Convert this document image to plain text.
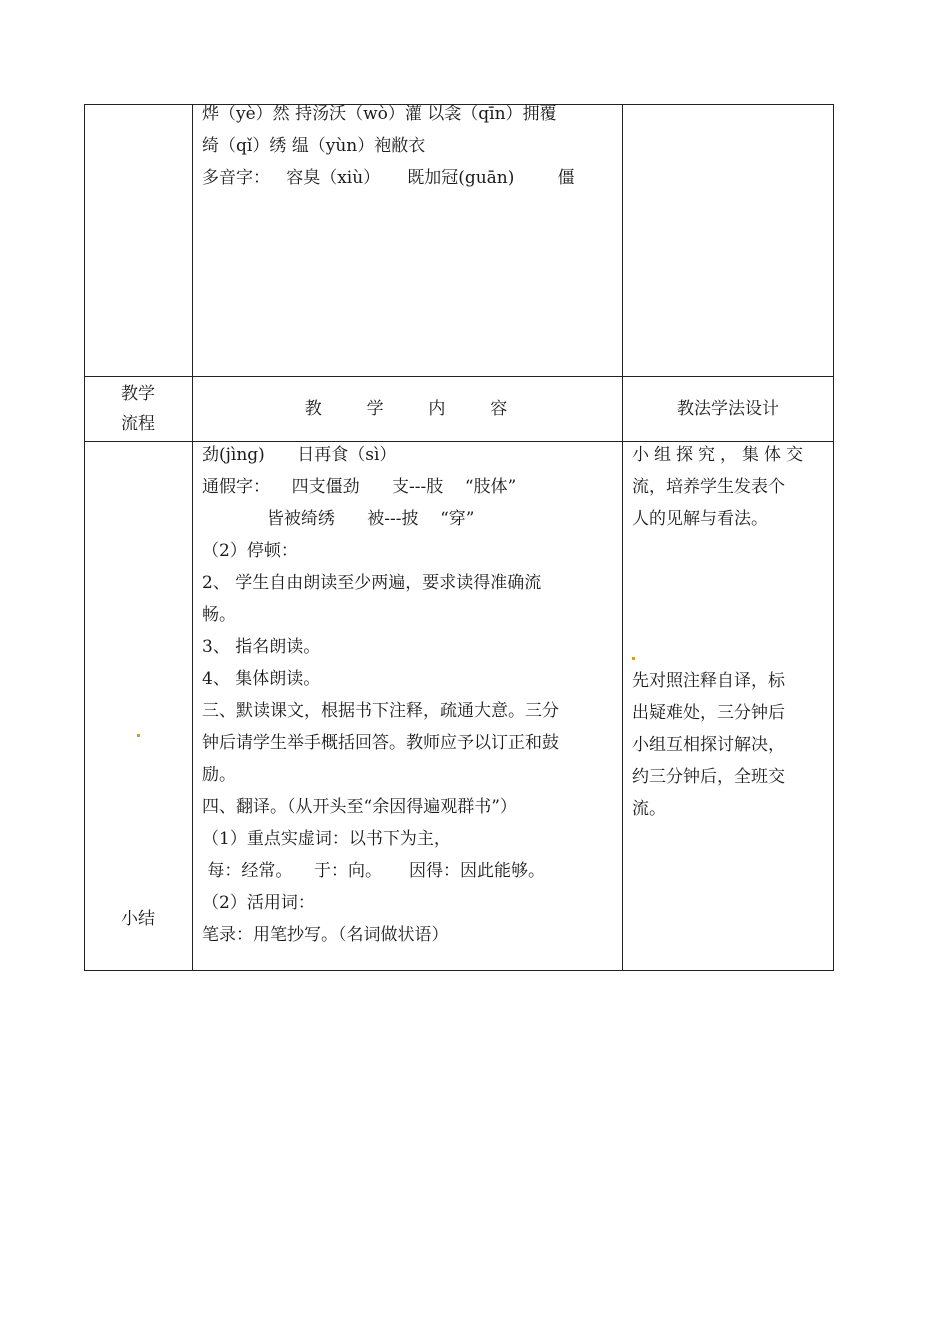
烨（yè）然 持汤沃（wò）灌 以衾（qīn）拥覆
绮（qǐ）绣 缊（yùn）袍敝衣
多音字：   容臭（xiù）     既加冠(guān)        僵
教学
流程
教  学  内  容	教法学法设计
小结
劲(jìng)      日再食（sì）
通假字：    四支僵劲      支---肢    “肢体”
皆被绮绣      被---披    “穿”
（2）停顿：
2、 学生自由朗读至少两遍，要求读得准确流
畅。
3、 指名朗读。
4、 集体朗读。
三、默读课文，根据书下注释，疏通大意。三分
钟后请学生举手概括回答。教师应予以订正和鼓
励。
四、翻译。（从开头至“余因得遍观群书”）
（1）重点实虚词：以书下为主，
每：经常。    于：向。     因得：因此能够。
（2）活用词：
笔录：用笔抄写。（名词做状语）
小组探究，集体交
流，培养学生发表个
人的见解与看法。
先对照注释自译，标
出疑难处，三分钟后
小组互相探讨解决，
约三分钟后，全班交
流。
